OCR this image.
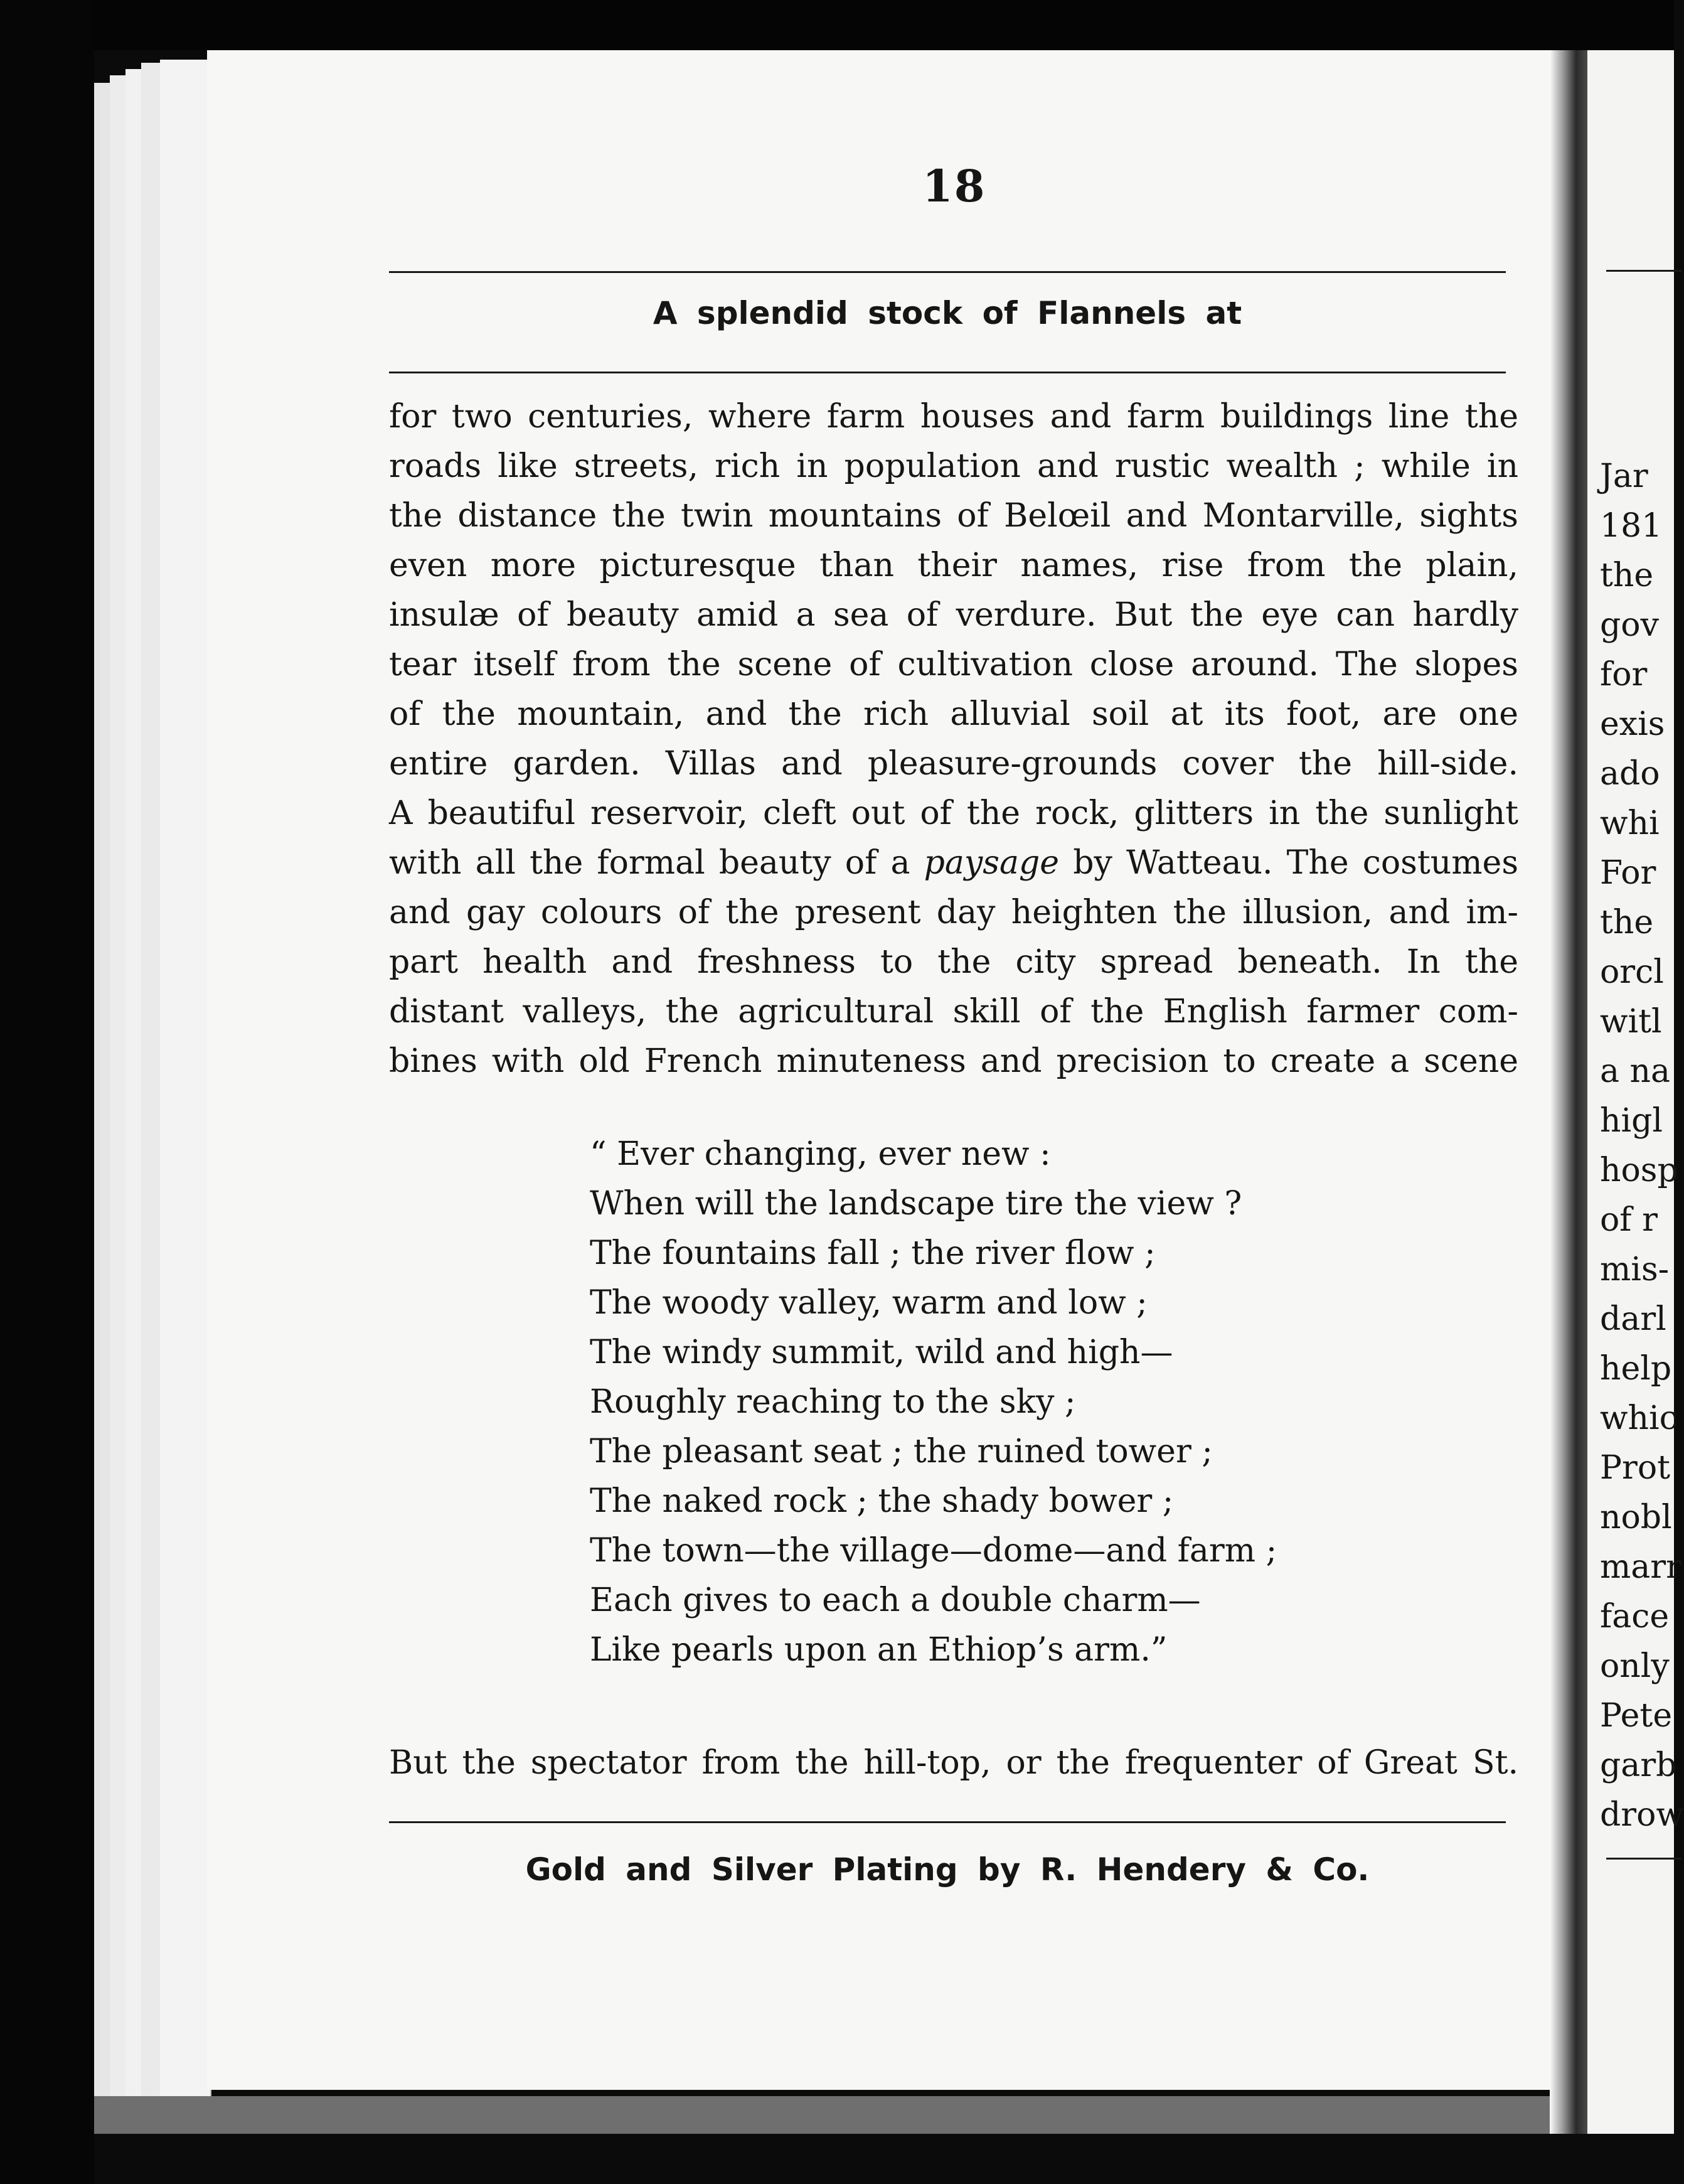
18
A splendid stock of Flannels at
for two centuries, where farm houses and farm buildings line the
roads like streets, rich in population and rustic wealth ; while in
the distance the twin mountains of Belœil and Montarville, sights
even more picturesque than their names, rise from the plain,
insulæ of beauty amid a sea of verdure. But the eye can hardly
tear itself from the scene of cultivation close around. The slopes
of the mountain, and the rich alluvial soil at its foot, are one
entire garden. Villas and pleasure-grounds cover the hill-side.
A beautiful reservoir, cleft out of the rock, glitters in the sunlight
with all the formal beauty of a paysage by Watteau. The costumes
and gay colours of the present day heighten the illusion, and im-
part health and freshness to the city spread beneath. In the
distant valleys, the agricultural skill of the English farmer com-
bines with old French minuteness and precision to create a scene
“ Ever changing, ever new :
When will the landscape tire the view ?
The fountains fall ; the river flow ;
The woody valley, warm and low ;
The windy summit, wild and high—
Roughly reaching to the sky ;
The pleasant seat ; the ruined tower ;
The naked rock ; the shady bower ;
The town—the village—dome—and farm ;
Each gives to each a double charm—
Like pearls upon an Ethiop’s arm.”
But the spectator from the hill-top, or the frequenter of Great St.
Gold and Silver Plating by R. Hendery & Co.
Jar
181
the
gov
for
exis
ado
whi
For
the
orcl
witl
a na
higl
hosp
of r
mis-
darl
help
whic
Prot
nobl
marr
face
only
Pete
garb
drow
